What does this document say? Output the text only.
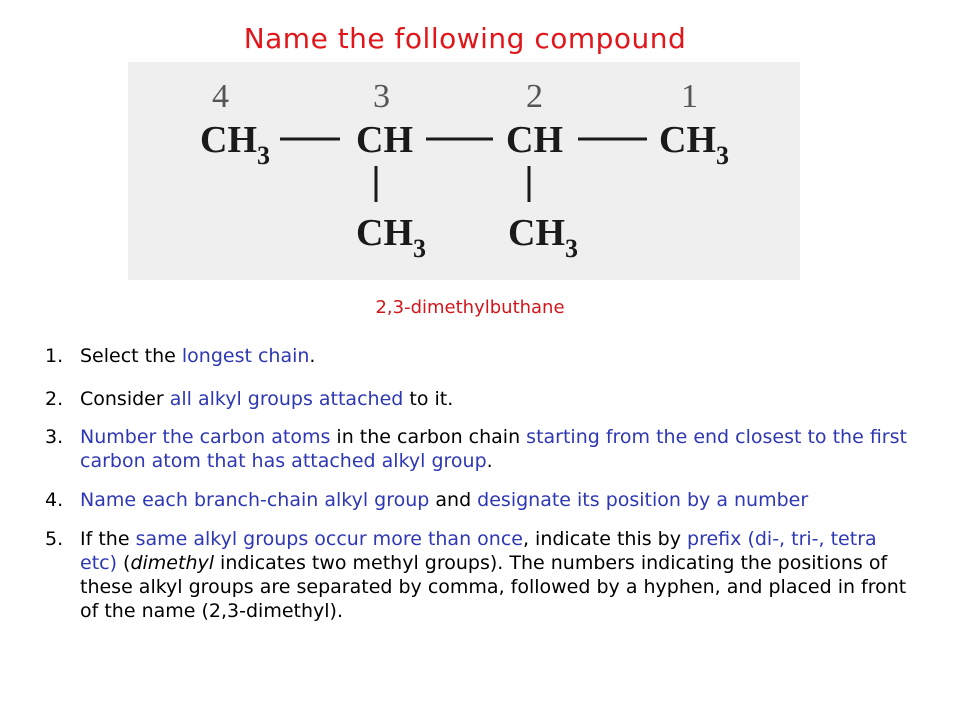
Name the following compound
4	3	2	1
CH 3 CH CH	CH 3
CH 3 CH 3
2,3-dimethylbuthane
1. Select the longest chain.
2. Consider all alkyl groups attached to it.
3. Number the carbon atoms in the carbon chain starting from the end closest to the first carbon atom that has attached alkyl group.
4. Name each branch-chain alkyl group and designate its position by a number
5. If the same alkyl groups occur more than once, indicate this by prefix (di-, tri-, tetra etc) (dimethyl indicates two methyl groups). The numbers indicating the positions of these alkyl groups are separated by comma, followed by a hyphen, and placed in front of the name (2,3-dimethyl).
